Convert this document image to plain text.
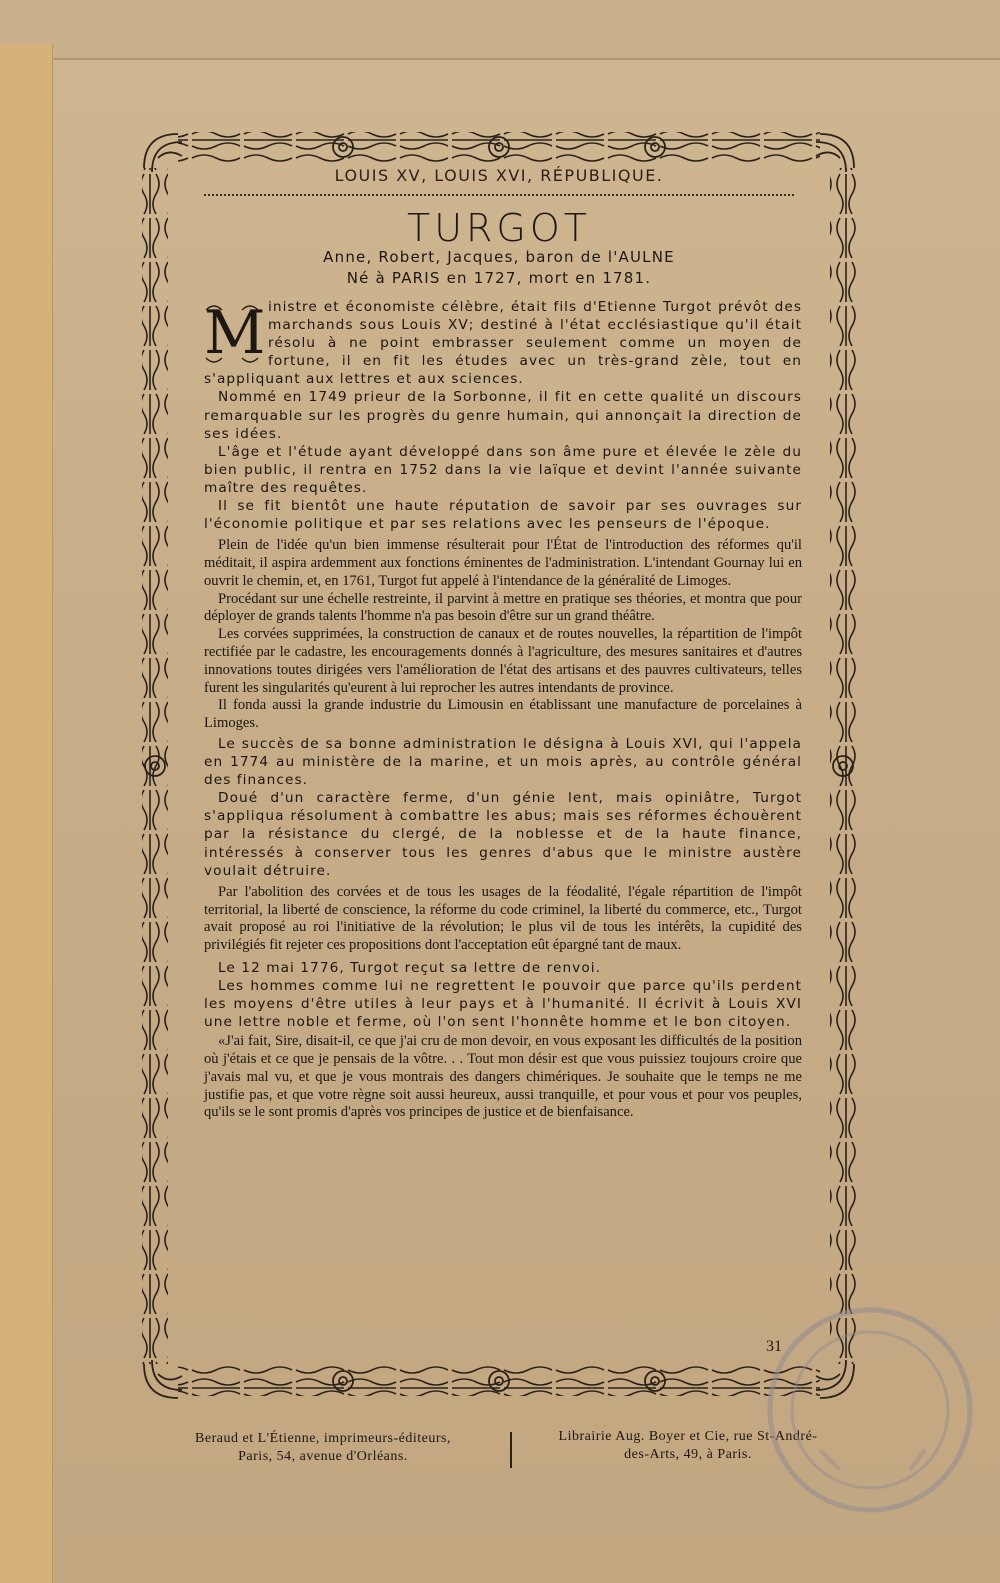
LOUIS XV, LOUIS XVI, RÉPUBLIQUE.
TURGOT
Anne, Robert, Jacques, baron de l'AULNE
Né à PARIS en 1727, mort en 1781.
M inistre et économiste célèbre, était fils d'Etienne Turgot prévôt des marchands sous Louis XV; destiné à l'état ecclésiastique qu'il était résolu à ne point embrasser seulement comme un moyen de fortune, il en fit les études avec un très-grand zèle, tout en s'appliquant aux lettres et aux sciences.

Nommé en 1749 prieur de la Sorbonne, il fit en cette qualité un discours remarquable sur les progrès du genre humain, qui annonçait la direction de ses idées.

L'âge et l'étude ayant développé dans son âme pure et élevée le zèle du bien public, il rentra en 1752 dans la vie laïque et devint l'année suivante maître des requêtes.

Il se fit bientôt une haute réputation de savoir par ses ouvrages sur l'économie politique et par ses relations avec les penseurs de l'époque.

Plein de l'idée qu'un bien immense résulterait pour l'État de l'introduction des réformes qu'il méditait, il aspira ardemment aux fonctions éminentes de l'administration. L'intendant Gournay lui en ouvrit le chemin, et, en 1761, Turgot fut appelé à l'intendance de la généralité de Limoges.

Procédant sur une échelle restreinte, il parvint à mettre en pratique ses théories, et montra que pour déployer de grands talents l'homme n'a pas besoin d'être sur un grand théâtre.

Les corvées supprimées, la construction de canaux et de routes nouvelles, la répartition de l'impôt rectifiée par le cadastre, les encouragements donnés à l'agriculture, des mesures sanitaires et d'autres innovations toutes dirigées vers l'amélioration de l'état des artisans et des pauvres cultivateurs, telles furent les singularités qu'eurent à lui reprocher les autres intendants de province.

Il fonda aussi la grande industrie du Limousin en établissant une manufacture de porcelaines à Limoges.

Le succès de sa bonne administration le désigna à Louis XVI, qui l'appela en 1774 au ministère de la marine, et un mois après, au contrôle général des finances.

Doué d'un caractère ferme, d'un génie lent, mais opiniâtre, Turgot s'appliqua résolument à combattre les abus; mais ses réformes échouèrent par la résistance du clergé, de la noblesse et de la haute finance, intéressés à conserver tous les genres d'abus que le ministre austère voulait détruire.

Par l'abolition des corvées et de tous les usages de la féodalité, l'égale répartition de l'impôt territorial, la liberté de conscience, la réforme du code criminel, la liberté du commerce, etc., Turgot avait proposé au roi l'initiative de la révolution; le plus vil de tous les intérêts, la cupidité des privilégiés fit rejeter ces propositions dont l'acceptation eût épargné tant de maux.

Le 12 mai 1776, Turgot reçut sa lettre de renvoi.

Les hommes comme lui ne regrettent le pouvoir que parce qu'ils perdent les moyens d'être utiles à leur pays et à l'humanité. Il écrivit à Louis XVI une lettre noble et ferme, où l'on sent l'honnête homme et le bon citoyen.

«J'ai fait, Sire, disait-il, ce que j'ai cru de mon devoir, en vous exposant les difficultés de la position où j'étais et ce que je pensais de la vôtre. . . Tout mon désir est que vous puissiez toujours croire que j'avais mal vu, et que je vous montrais des dangers chimériques. Je souhaite que le temps ne me justifie pas, et que votre règne soit aussi heureux, aussi tranquille, et pour vous et pour vos peuples, qu'ils se le sont promis d'après vos principes de justice et de bienfaisance.

31
Beraud et L'Étienne, imprimeurs-éditeurs,
Paris, 54, avenue d'Orléans.
Librairie Aug. Boyer et Cie, rue St-André-
des-Arts, 49, à Paris.
